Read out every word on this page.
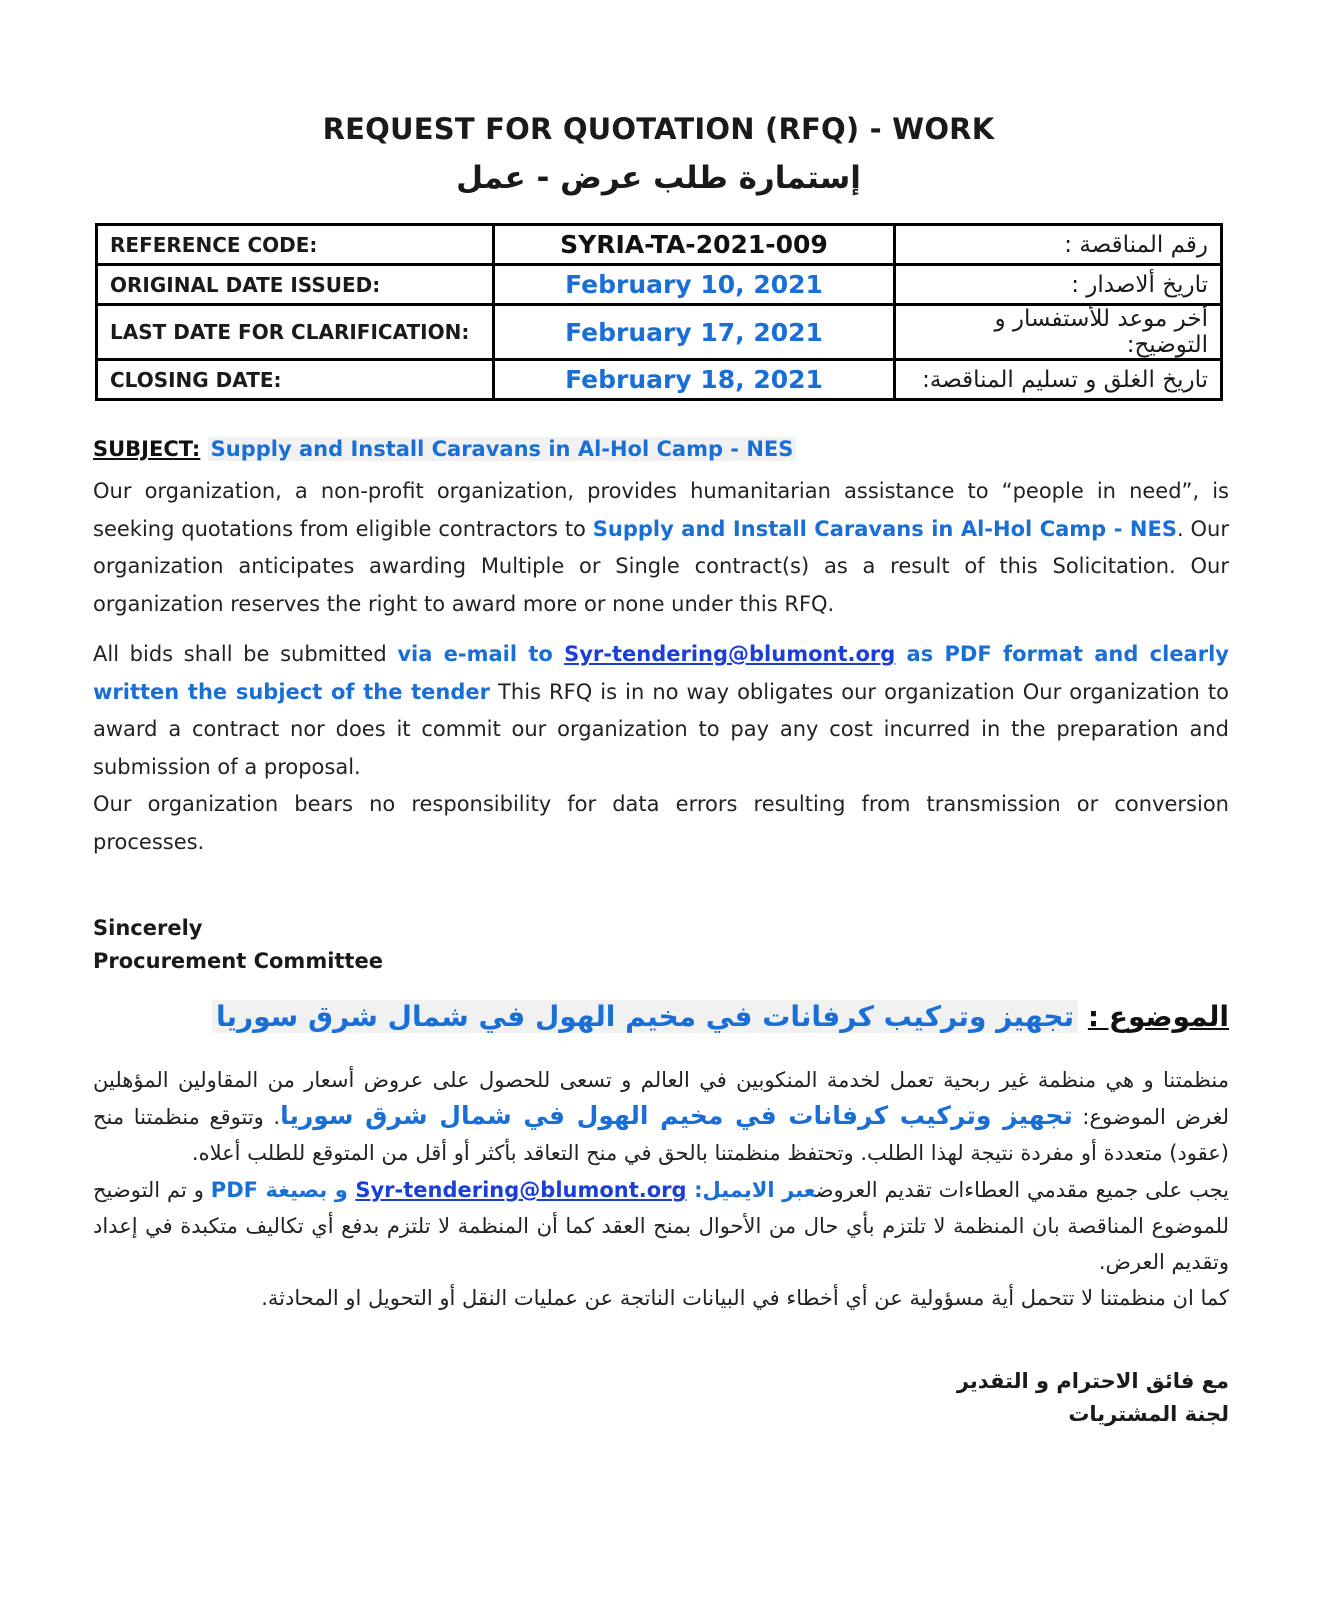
REQUEST FOR QUOTATION (RFQ) - WORK
إستمارة طلب عرض - عمل
REFERENCE CODE:	SYRIA-TA-2021-009	رقم المناقصة :
ORIGINAL DATE ISSUED:	February 10, 2021	تاريخ ألاصدار :
LAST DATE FOR CLARIFICATION:	February 17, 2021	أخر موعد للأستفسار و التوضيح:
CLOSING DATE:	February 18, 2021	تاريخ الغلق و تسليم المناقصة:
SUBJECT: Supply and Install Caravans in Al-Hol Camp - NES
Our organization, a non-profit organization, provides humanitarian assistance to “people in need”, is seeking quotations from eligible contractors to Supply and Install Caravans in Al-Hol Camp - NES. Our organization anticipates awarding Multiple or Single contract(s) as a result of this Solicitation. Our organization reserves the right to award more or none under this RFQ.
All bids shall be submitted via e-mail to Syr-tendering@blumont.org as PDF format and clearly written the subject of the tender This RFQ is in no way obligates our organization Our organization to award a contract nor does it commit our organization to pay any cost incurred in the preparation and submission of a proposal.
Our organization bears no responsibility for data errors resulting from transmission or conversion processes.
Sincerely
Procurement Committee
الموضوع : تجهيز وتركيب كرفانات في مخيم الهول في شمال شرق سوريا
منظمتنا و هي منظمة غير ربحية تعمل لخدمة المنكوبين في العالم و تسعى للحصول على عروض أسعار من المقاولين المؤهلين لغرض الموضوع: تجهيز وتركيب كرفانات في مخيم الهول في شمال شرق سوريا. وتتوقع منظمتنا منح (عقود) متعددة أو مفردة نتيجة لهذا الطلب. وتحتفظ منظمتنا بالحق في منح التعاقد بأكثر أو أقل من المتوقع للطلب أعلاه.
يجب على جميع مقدمي العطاءات تقديم العروضعبر الايميل: Syr-tendering@blumont.org و بصيغة PDF و تم التوضيح للموضوع المناقصة بان المنظمة لا تلتزم بأي حال من الأحوال بمنح العقد كما أن المنظمة لا تلتزم بدفع أي تكاليف متكبدة في إعداد وتقديم العرض.
كما ان منظمتنا لا تتحمل أية مسؤولية عن أي أخطاء في البيانات الناتجة عن عمليات النقل أو التحويل او المحادثة.
مع فائق الاحترام و التقدير
لجنة المشتريات
